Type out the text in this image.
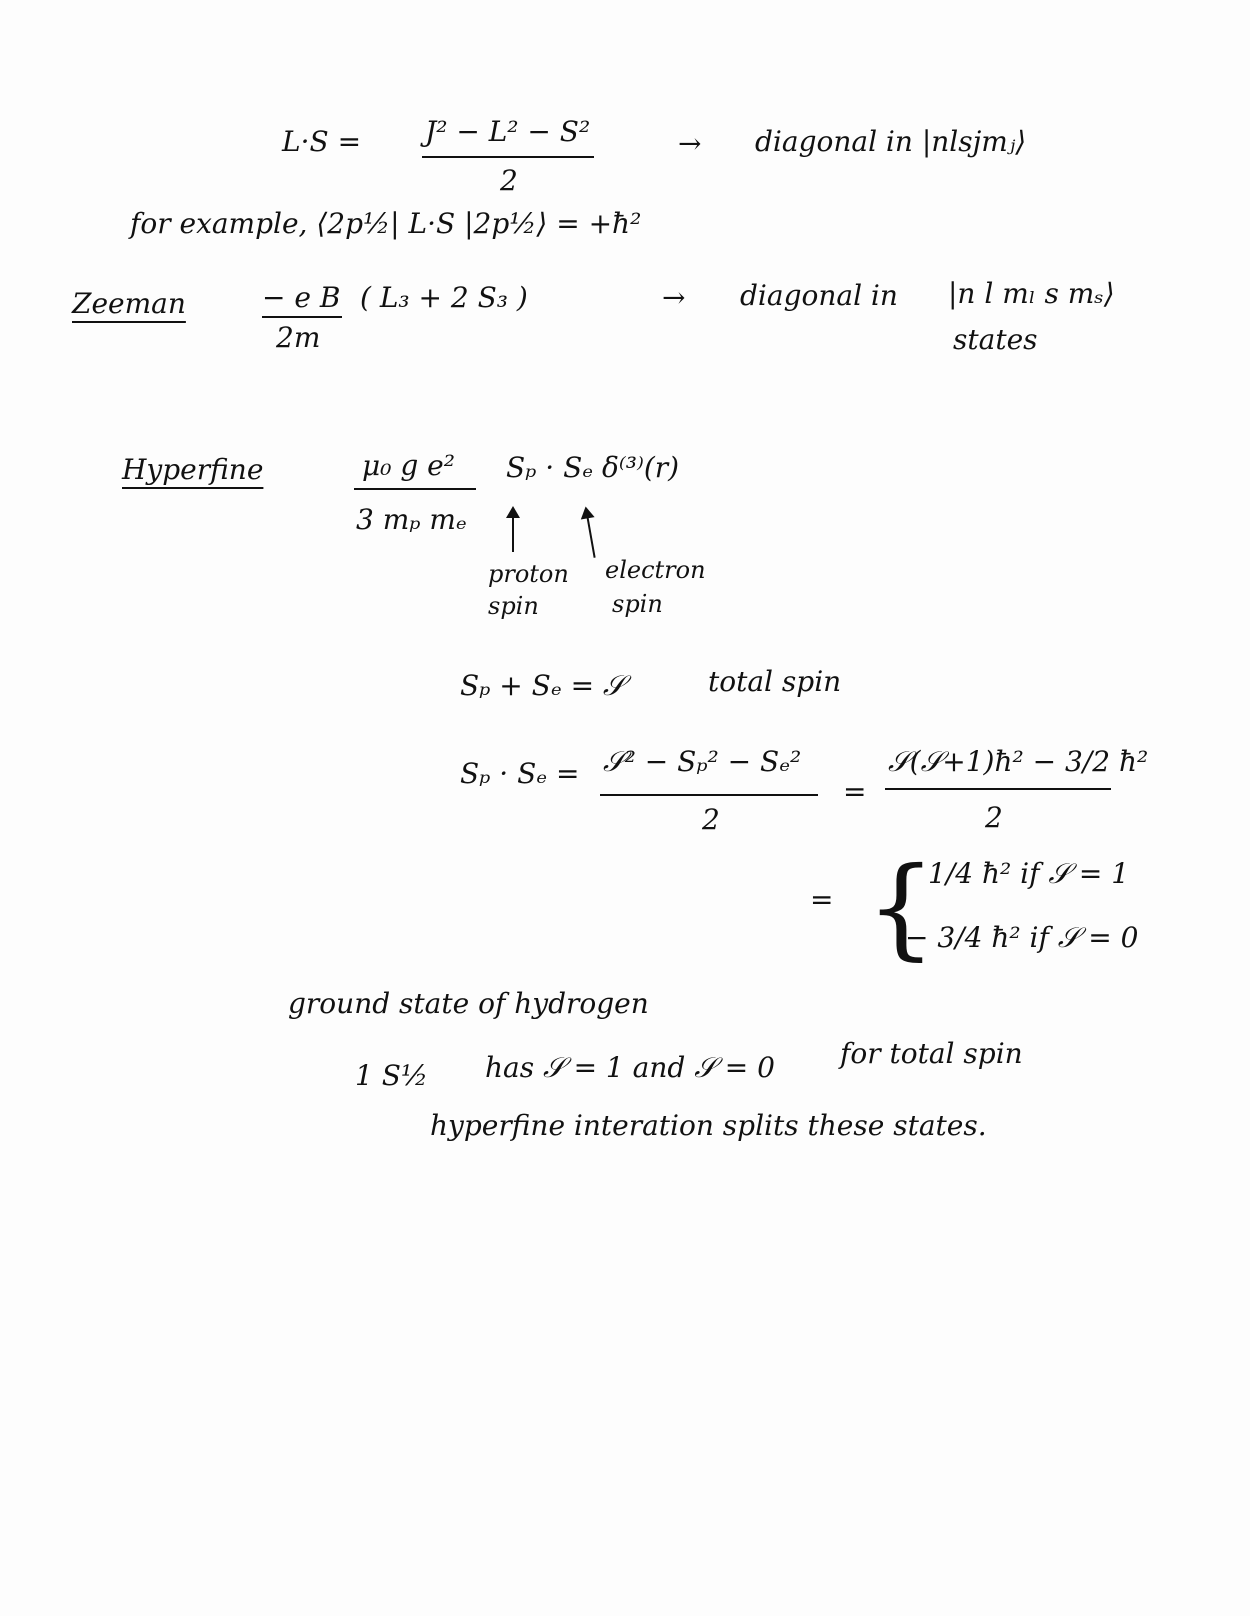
L·S = J² − L² − S²
2
→ diagonal in |nlsjmⱼ⟩
for example, ⟨2p½| L·S |2p½⟩ = +ħ²
Zeeman	− e B
2m
( L₃ + 2 S₃ )	→ diagonal in |n l mₗ s mₛ⟩
states
Hyperfine	μ₀ g e²
3 mₚ mₑ
Sₚ · Sₑ δ⁽³⁾(r)
proton
spin
electron
spin
Sₚ + Sₑ = 𝒮	total spin
Sₚ · Sₑ = 𝒮² − Sₚ² − Sₑ²
2
=
𝒮(𝒮+1)ħ² − 3/2 ħ²
2
= {
1/4 ħ² if 𝒮 = 1
− 3/4 ħ² if 𝒮 = 0
ground state of hydrogen
1 S½ has 𝒮 = 1 and 𝒮 = 0 for total spin
hyperfine interation splits these states.
